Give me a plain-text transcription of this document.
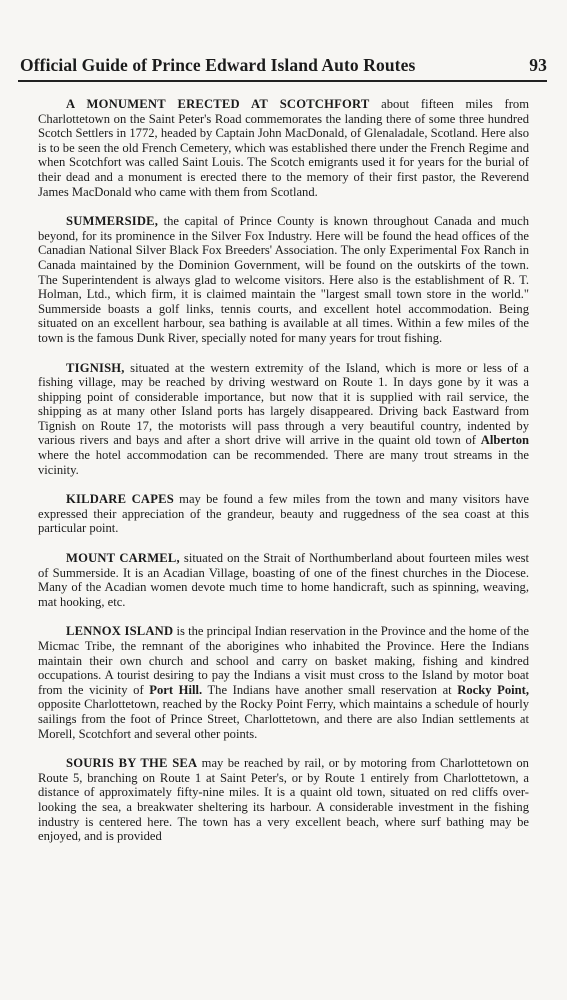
Official Guide of Prince Edward Island Auto Routes	93

A MONUMENT ERECTED AT SCOTCHFORT about fifteen miles from Charlottetown on the Saint Peter's Road commemorates the landing there of some three hundred Scotch Settlers in 1772, headed by Captain John MacDonald, of Glenaladale, Scotland. Here also is to be seen the old French Cemetery, which was established there under the French Regime and when Scotchfort was called Saint Louis. The Scotch emigrants used it for years for the burial of their dead and a monument is erected there to the memory of their first pastor, the Reverend James MacDonald who came with them from Scotland.

SUMMERSIDE, the capital of Prince County is known throughout Canada and much beyond, for its prominence in the Silver Fox Industry. Here will be found the head offices of the Canadian National Silver Black Fox Breeders' Association. The only Experimental Fox Ranch in Canada maintained by the Dominion Government, will be found on the outskirts of the town. The Superintendent is always glad to welcome visitors. Here also is the establishment of R. T. Holman, Ltd., which firm, it is claimed maintain the "largest small town store in the world." Summerside boasts a golf links, tennis courts, and excellent hotel accommodation. Being situated on an excellent harbour, sea bathing is available at all times. Within a few miles of the town is the famous Dunk River, specially noted for many years for trout fishing.

TIGNISH, situated at the western extremity of the Island, which is more or less of a fishing village, may be reached by driving westward on Route 1. In days gone by it was a shipping point of considerable importance, but now that it is supplied with rail service, the shipping as at many other Island ports has largely disappeared. Driving back Eastward from Tignish on Route 17, the motorists will pass through a very beautiful country, indented by various rivers and bays and after a short drive will arrive in the quaint old town of Alberton where the hotel accommodation can be recommended. There are many trout streams in the vicinity.

KILDARE CAPES may be found a few miles from the town and many visitors have expressed their appreciation of the grandeur, beauty and ruggedness of the sea coast at this particular point.

MOUNT CARMEL, situated on the Strait of Northumberland about fourteen miles west of Summerside. It is an Acadian Village, boasting of one of the finest churches in the Diocese. Many of the Acadian women devote much time to home handicraft, such as spinning, weaving, mat hooking, etc.

LENNOX ISLAND is the principal Indian reservation in the Province and the home of the Micmac Tribe, the remnant of the aborigines who inhabited the Province. Here the Indians maintain their own church and school and carry on basket making, fishing and kindred occupations. A tourist desiring to pay the Indians a visit must cross to the Island by motor boat from the vicinity of Port Hill. The Indians have another small reservation at Rocky Point, opposite Charlottetown, reached by the Rocky Point Ferry, which maintains a schedule of hourly sailings from the foot of Prince Street, Charlottetown, and there are also Indian settlements at Morell, Scotchfort and several other points.

SOURIS BY THE SEA may be reached by rail, or by motoring from Charlottetown on Route 5, branching on Route 1 at Saint Peter's, or by Route 1 entirely from Charlottetown, a distance of approximately fifty-nine miles. It is a quaint old town, situated on red cliffs over-looking the sea, a breakwater sheltering its harbour. A considerable investment in the fishing industry is centered here. The town has a very excellent beach, where surf bathing may be enjoyed, and is provided
